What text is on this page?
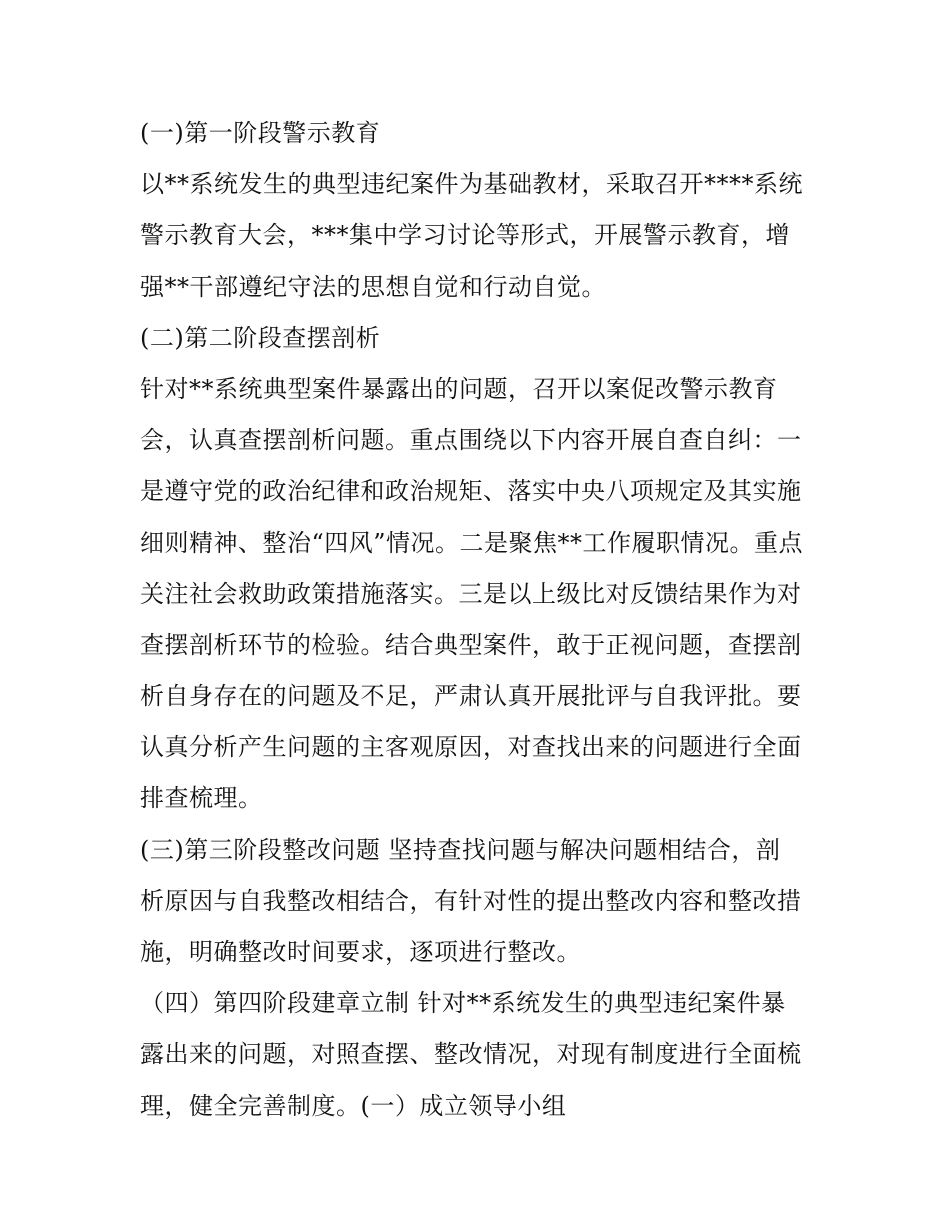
(一)第一阶段警示教育
以**系统发生的典型违纪案件为基础教材，采取召开****系统
警示教育大会，***集中学习讨论等形式，开展警示教育，增
强**干部遵纪守法的思想自觉和行动自觉。
(二)第二阶段查摆剖析
针对**系统典型案件暴露出的问题，召开以案促改警示教育
会，认真查摆剖析问题。重点围绕以下内容开展自查自纠：一
是遵守党的政治纪律和政治规矩、落实中央八项规定及其实施
细则精神、整治“四风”情况。二是聚焦**工作履职情况。重点
关注社会救助政策措施落实。三是以上级比对反馈结果作为对
查摆剖析环节的检验。结合典型案件，敢于正视问题，查摆剖
析自身存在的问题及不足，严肃认真开展批评与自我评批。要
认真分析产生问题的主客观原因，对查找出来的问题进行全面
排查梳理。
(三)第三阶段整改问题 坚持查找问题与解决问题相结合，剖
析原因与自我整改相结合，有针对性的提出整改内容和整改措
施，明确整改时间要求，逐项进行整改。
（四）第四阶段建章立制 针对**系统发生的典型违纪案件暴
露出来的问题，对照查摆、整改情况，对现有制度进行全面梳
理，健全完善制度。(一）成立领导小组
